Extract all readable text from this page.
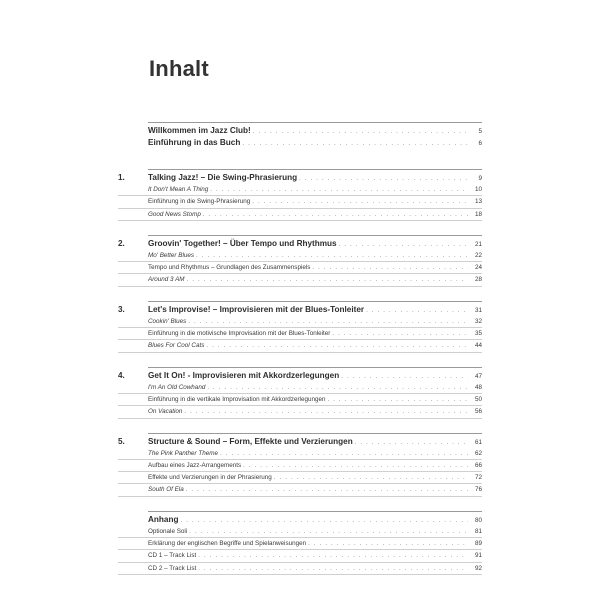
Inhalt
Willkommen im Jazz Club! . . .	5
Einführung in das Buch . . .	6
1.	Talking Jazz! – Die Swing-Phrasierung . . .	9
It Don't Mean A Thing . . .	10
Einführung in die Swing-Phrasierung . . .	13
Good News Stomp . . .	18
2.	Groovin' Together! – Über Tempo und Rhythmus . . .	21
Mo' Better Blues . . .	22
Tempo und Rhythmus – Grundlagen des Zusammenspiels . . .	24
Around 3 AM . . .	28
3.	Let's Improvise! – Improvisieren mit der Blues-Tonleiter . . .	31
Cookin' Blues . . .	32
Einführung in die motivische Improvisation mit der Blues-Tonleiter . . .	35
Blues For Cool Cats . . .	44
4.	Get It On! - Improvisieren mit Akkordzerlegungen . . .	47
I'm An Old Cowhand . . .	48
Einführung in die vertikale Improvisation mit Akkordzerlegungen . . .	50
On Vacation . . .	56
5.	Structure & Sound – Form, Effekte und Verzierungen . . .	61
The Pink Panther Theme . . .	62
Aufbau eines Jazz-Arrangements . . .	66
Effekte und Verzierungen in der Phrasierung . . .	72
South Of Ela . . .	76
Anhang . . .	80
Optionale Soli . . .	81
Erklärung der englischen Begriffe und Spielanweisungen . . .	89
CD 1 – Track List . . .	91
CD 2 – Track List . . .	92
